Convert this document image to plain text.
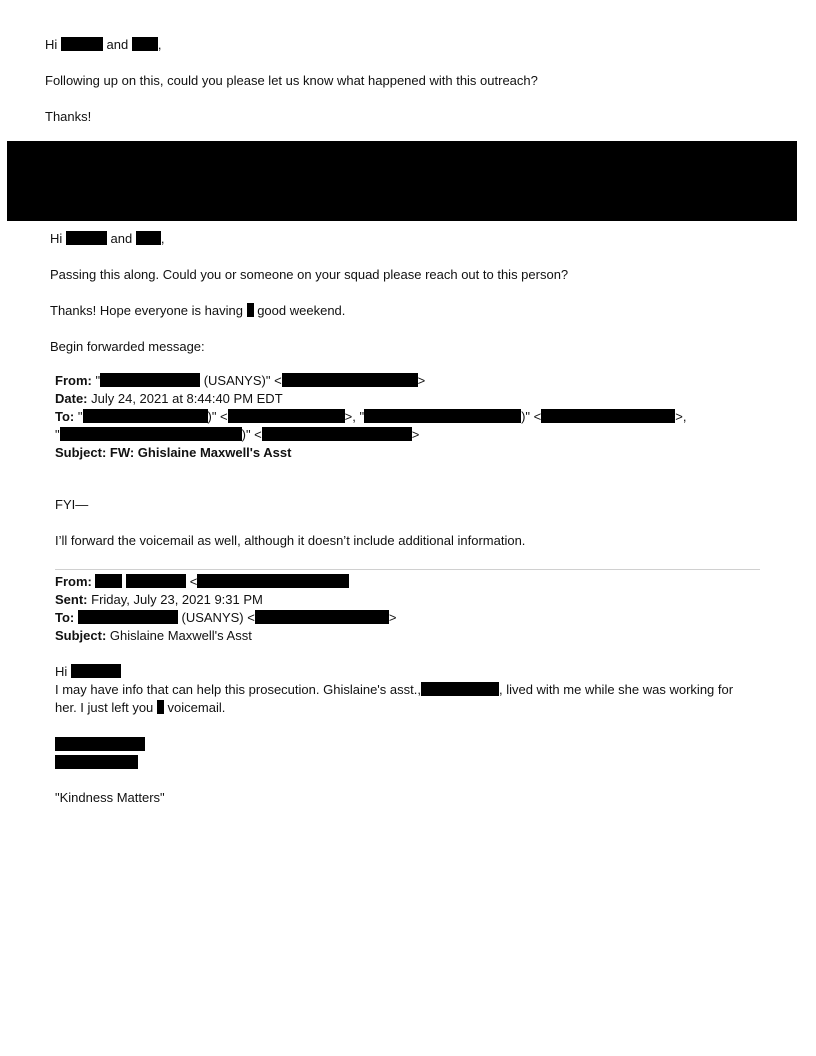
Hi	and ,
Following up on this, could you please let us know what happened with this outreach?
Thanks!
Hi	and ,
Passing this along. Could you or someone on your squad please reach out to this person?
Thanks! Hope everyone is having good weekend.
Begin forwarded message:
From: "	(USANYS)" <	>
Date: July 24, 2021 at 8:44:40 PM EDT
To: "	)" <	>, "	)" <	>,
"	)" <	>
Subject: FW: Ghislaine Maxwell's Asst
FYI—
I’ll forward the voicemail as well, although it doesn’t include additional information.
From:	<
Sent: Friday, July 23, 2021 9:31 PM
To:	(USANYS) <	>
Subject: Ghislaine Maxwell's Asst
Hi
I may have info that can help this prosecution. Ghislaine's asst.,	, lived with me while she was working for
her. I just left you voicemail.
"Kindness Matters"
